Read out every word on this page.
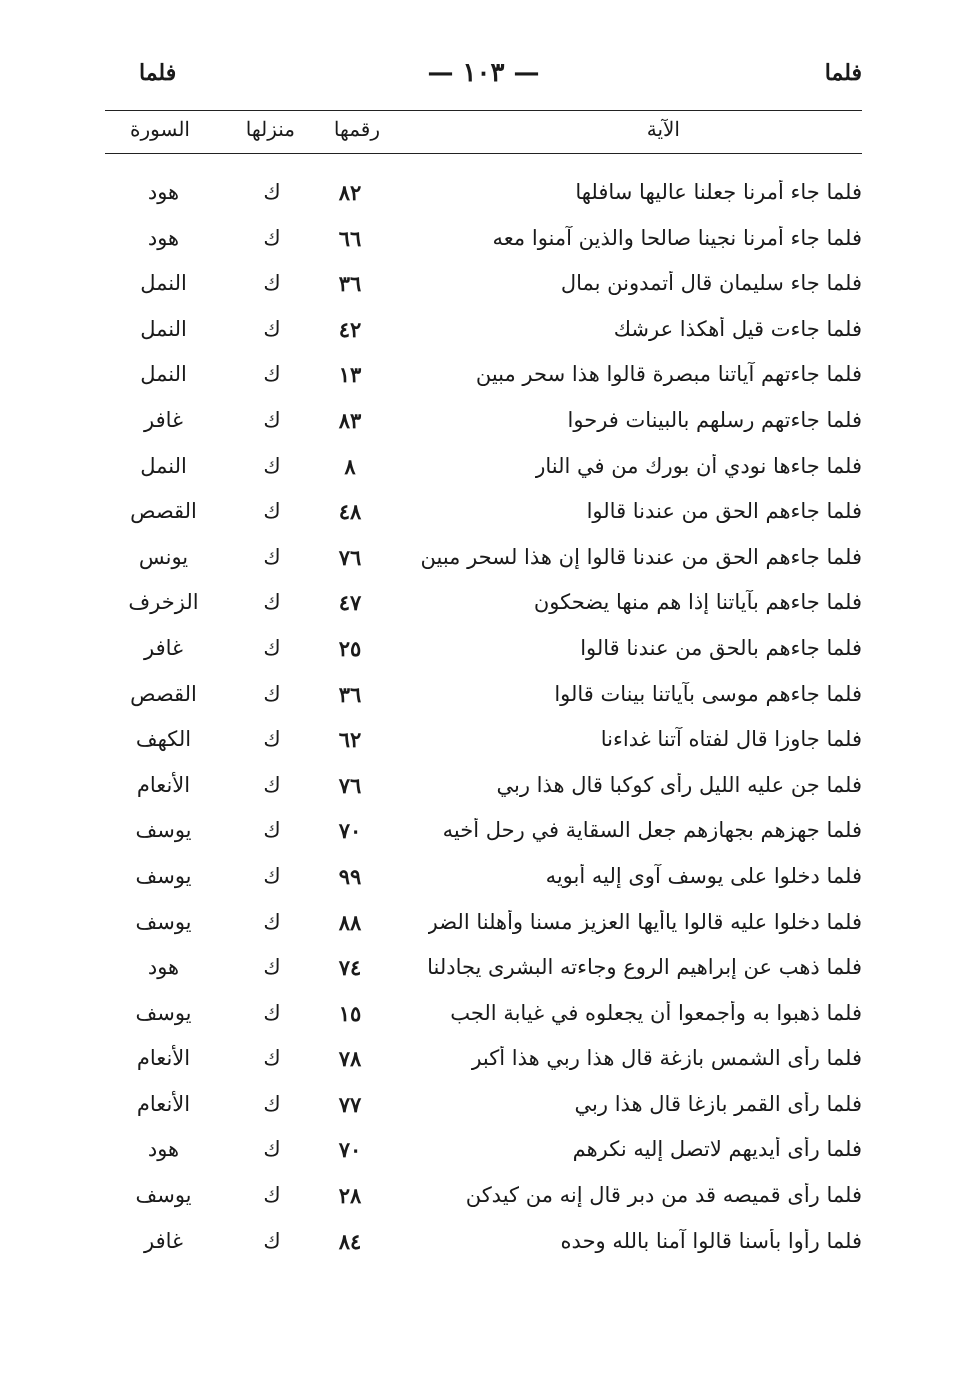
فلما
— ١٠٣ —
فلما
الآية
رقمها
منزلها
السورة
فلما جاء أمرنا جعلنا عاليها سافلها
٨٢
ك
هود
فلما جاء أمرنا نجينا صالحا والذين آمنوا معه
٦٦
ك
هود
فلما جاء سليمان قال أتمدونن بمال
٣٦
ك
النمل
فلما جاءت قيل أهكذا عرشك
٤٢
ك
النمل
فلما جاءتهم آياتنا مبصرة قالوا هذا سحر مبين
١٣
ك
النمل
فلما جاءتهم رسلهم بالبينات فرحوا
٨٣
ك
غافر
فلما جاءها نودي أن بورك من في النار
٨
ك
النمل
فلما جاءهم الحق من عندنا قالوا
٤٨
ك
القصص
فلما جاءهم الحق من عندنا قالوا إن هذا لسحر مبين
٧٦
ك
يونس
فلما جاءهم بآياتنا إذا هم منها يضحكون
٤٧
ك
الزخرف
فلما جاءهم بالحق من عندنا قالوا
٢٥
ك
غافر
فلما جاءهم موسى بآياتنا بينات قالوا
٣٦
ك
القصص
فلما جاوزا قال لفتاه آتنا غداءنا
٦٢
ك
الكهف
فلما جن عليه الليل رأى كوكبا قال هذا ربي
٧٦
ك
الأنعام
فلما جهزهم بجهازهم جعل السقاية في رحل أخيه
٧٠
ك
يوسف
فلما دخلوا على يوسف آوى إليه أبويه
٩٩
ك
يوسف
فلما دخلوا عليه قالوا ياأيها العزيز مسنا وأهلنا الضر
٨٨
ك
يوسف
فلما ذهب عن إبراهيم الروع وجاءته البشرى يجادلنا
٧٤
ك
هود
فلما ذهبوا به وأجمعوا أن يجعلوه في غيابة الجب
١٥
ك
يوسف
فلما رأى الشمس بازغة قال هذا ربي هذا أكبر
٧٨
ك
الأنعام
فلما رأى القمر بازغا قال هذا ربي
٧٧
ك
الأنعام
فلما رأى أيديهم لاتصل إليه نكرهم
٧٠
ك
هود
فلما رأى قميصه قد من دبر قال إنه من كيدكن
٢٨
ك
يوسف
فلما رأوا بأسنا قالوا آمنا بالله وحده
٨٤
ك
غافر
